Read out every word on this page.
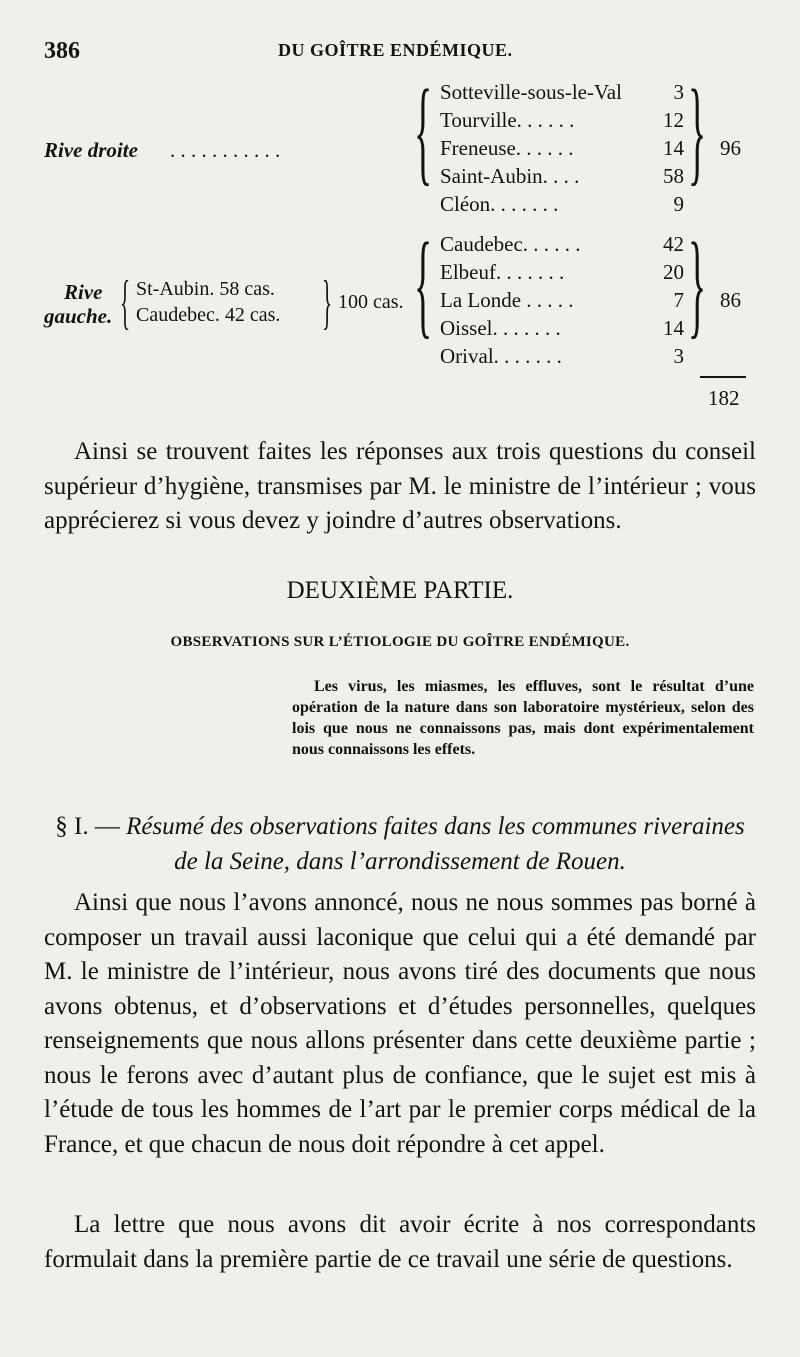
386	DU GOÎTRE ENDÉMIQUE.
Rive droite . . . . . . . . . . . { }
Sotteville-sous-le-Val	3
Tourville. . . . . .	12
Freneuse. . . . . .	14
Saint-Aubin. . . .	58
Cléon. . . . . . .	9
96
Rive
gauche. { St-Aubin. 58 cas.
Caudebec. 42 cas. } 100 cas. { }
Caudebec. . . . . .	42
Elbeuf. . . . . . .	20
La Londe . . . . .	7
Oissel. . . . . . .	14
Orival. . . . . . .	3
86
182
Ainsi se trouvent faites les réponses aux trois questions du conseil supérieur d’hygiène, transmises par M. le ministre de l’intérieur ; vous apprécierez si vous devez y joindre d’autres observations.
DEUXIÈME PARTIE.
OBSERVATIONS SUR L’ÉTIOLOGIE DU GOÎTRE ENDÉMIQUE.
Les virus, les miasmes, les effluves, sont le résultat d’une opération de la nature dans son laboratoire mystérieux, selon des lois que nous ne connaissons pas, mais dont expérimentalement nous connaissons les effets.
§ I. — Résumé des observations faites dans les communes riveraines de la Seine, dans l’arrondissement de Rouen.
Ainsi que nous l’avons annoncé, nous ne nous sommes pas borné à composer un travail aussi laconique que celui qui a été demandé par M. le ministre de l’intérieur, nous avons tiré des documents que nous avons obtenus, et d’observations et d’études personnelles, quelques renseignements que nous allons présenter dans cette deuxième partie ; nous le ferons avec d’autant plus de confiance, que le sujet est mis à l’étude de tous les hommes de l’art par le premier corps médical de la France, et que chacun de nous doit répondre à cet appel.
La lettre que nous avons dit avoir écrite à nos correspondants formulait dans la première partie de ce travail une série de questions.
